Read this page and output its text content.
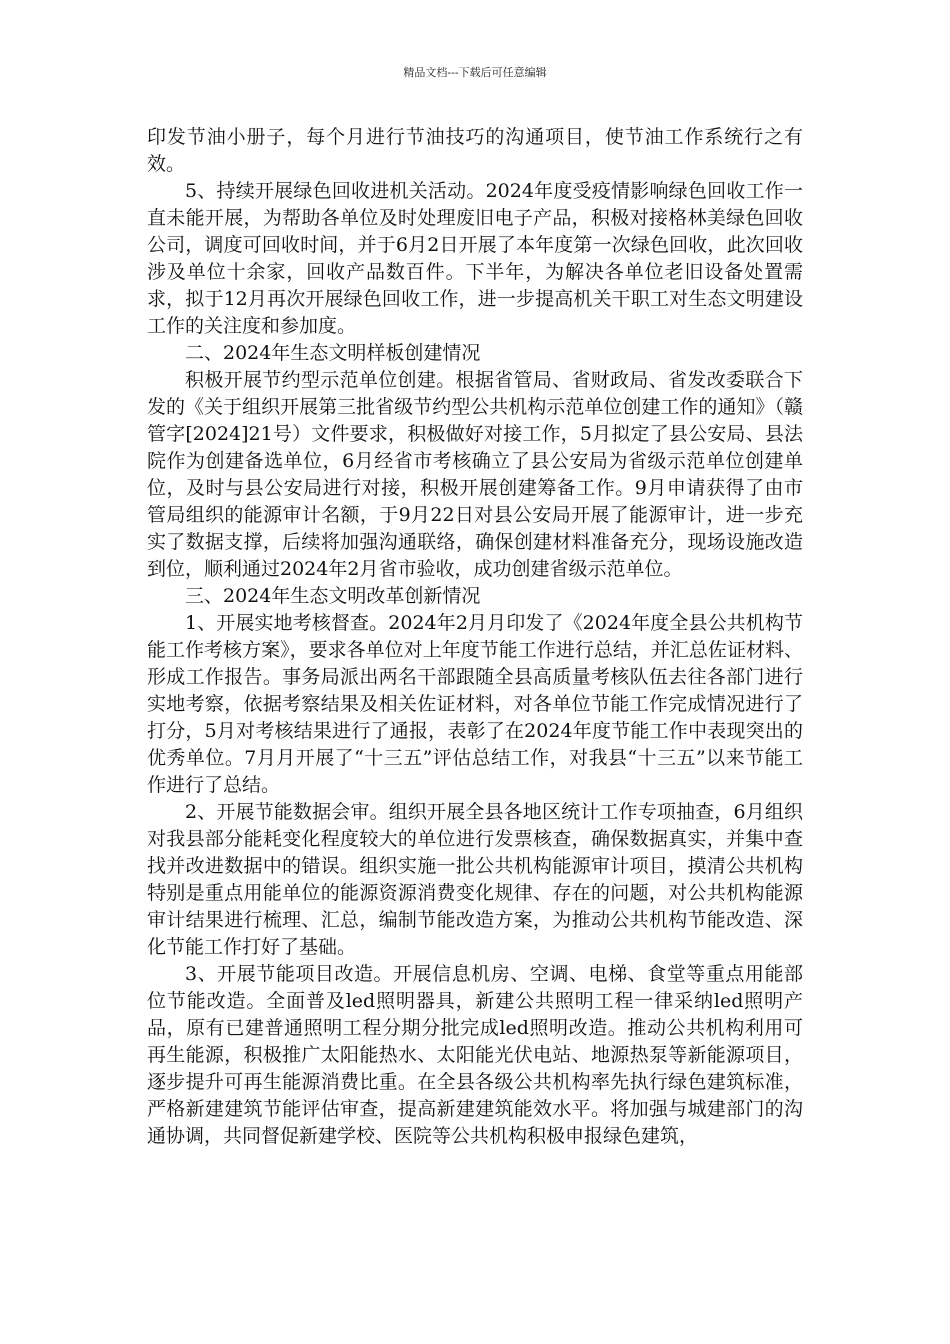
精品文档---下载后可任意编辑

印发节油小册子，每个月进行节油技巧的沟通项目，使节油工作系统行之有效。

5、持续开展绿色回收进机关活动。2024年度受疫情影响绿色回收工作一直未能开展，为帮助各单位及时处理废旧电子产品，积极对接格林美绿色回收公司，调度可回收时间，并于6月2日开展了本年度第一次绿色回收，此次回收涉及单位十余家，回收产品数百件。下半年，为解决各单位老旧设备处置需求，拟于12月再次开展绿色回收工作，进一步提高机关干职工对生态文明建设工作的关注度和参加度。

二、2024年生态文明样板创建情况

积极开展节约型示范单位创建。根据省管局、省财政局、省发改委联合下发的《关于组织开展第三批省级节约型公共机构示范单位创建工作的通知》（赣管字[2024]21号）文件要求，积极做好对接工作，5月拟定了县公安局、县法院作为创建备选单位，6月经省市考核确立了县公安局为省级示范单位创建单位，及时与县公安局进行对接，积极开展创建筹备工作。9月申请获得了由市管局组织的能源审计名额，于9月22日对县公安局开展了能源审计，进一步充实了数据支撑，后续将加强沟通联络，确保创建材料准备充分，现场设施改造到位，顺利通过2024年2月省市验收，成功创建省级示范单位。

三、2024年生态文明改革创新情况

1、开展实地考核督查。2024年2月月印发了《2024年度全县公共机构节能工作考核方案》，要求各单位对上年度节能工作进行总结，并汇总佐证材料、形成工作报告。事务局派出两名干部跟随全县高质量考核队伍去往各部门进行实地考察，依据考察结果及相关佐证材料，对各单位节能工作完成情况进行了打分，5月对考核结果进行了通报，表彰了在2024年度节能工作中表现突出的优秀单位。7月月开展了“十三五”评估总结工作，对我县“十三五”以来节能工作进行了总结。

2、开展节能数据会审。组织开展全县各地区统计工作专项抽查，6月组织对我县部分能耗变化程度较大的单位进行发票核查，确保数据真实，并集中查找并改进数据中的错误。组织实施一批公共机构能源审计项目，摸清公共机构特别是重点用能单位的能源资源消费变化规律、存在的问题，对公共机构能源审计结果进行梳理、汇总，编制节能改造方案，为推动公共机构节能改造、深化节能工作打好了基础。

3、开展节能项目改造。开展信息机房、空调、电梯、食堂等重点用能部位节能改造。全面普及led照明器具，新建公共照明工程一律采纳led照明产品，原有已建普通照明工程分期分批完成led照明改造。推动公共机构利用可再生能源，积极推广太阳能热水、太阳能光伏电站、地源热泵等新能源项目，逐步提升可再生能源消费比重。在全县各级公共机构率先执行绿色建筑标准，严格新建建筑节能评估审查，提高新建建筑能效水平。将加强与城建部门的沟通协调，共同督促新建学校、医院等公共机构积极申报绿色建筑，
